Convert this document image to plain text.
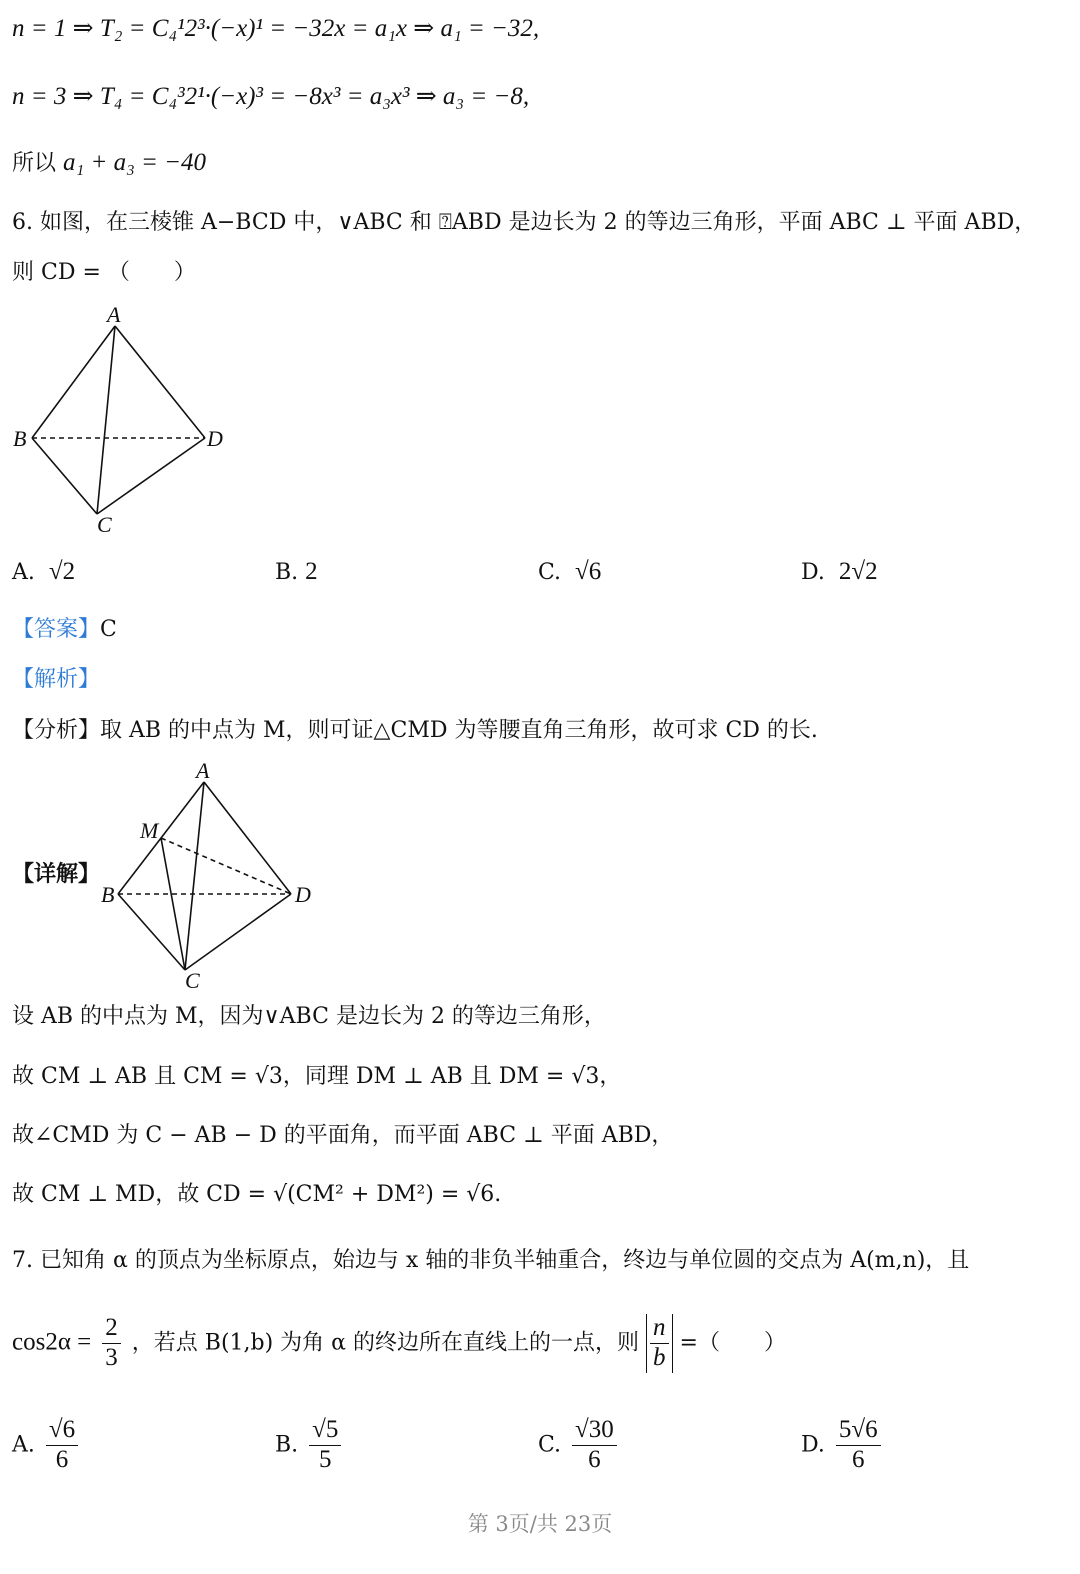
n = 1 ⇒ T₂ = C₄¹2³·(−x)¹ = −32x = a₁x ⇒ a₁ = −32,
n = 3 ⇒ T₄ = C₄³2¹·(−x)³ = −8x³ = a₃x³ ⇒ a₃ = −8,
所以 a₁ + a₃ = −40
6. 如图，在三棱锥 A−BCD 中，∨ABC 和 ⍰ABD 是边长为 2 的等边三角形，平面 ABC ⊥ 平面 ABD，
则 CD = （　　）
A
B	D
C
A. √2	B. 2	C. √6	D. 2√2
【答案】C
【解析】
【分析】取 AB 的中点为 M，则可证△CMD 为等腰直角三角形，故可求 CD 的长.
【详解】
A
M
B	D
C
设 AB 的中点为 M，因为∨ABC 是边长为 2 的等边三角形，
故 CM ⊥ AB 且 CM = √3，同理 DM ⊥ AB 且 DM = √3，
故∠CMD 为 C − AB − D 的平面角，而平面 ABC ⊥ 平面 ABD，
故 CM ⊥ MD，故 CD = √(CM² + DM²) = √6.
7. 已知角 α 的顶点为坐标原点，始边与 x 轴的非负半轴重合，终边与单位圆的交点为 A(m,n)，且
$\cos 2\alpha = \frac{2}{3}$ ，若点 B(1,b) 为角 α 的终边所在直线上的一点，则 $\frac{n}{b}$ =（　　）
A. $\frac{√6}{6}$	B. $\frac{√5}{5}$	C. $\frac{√30}{6}$	D. $\frac{5√6}{6}$
第 3页/共 23页
